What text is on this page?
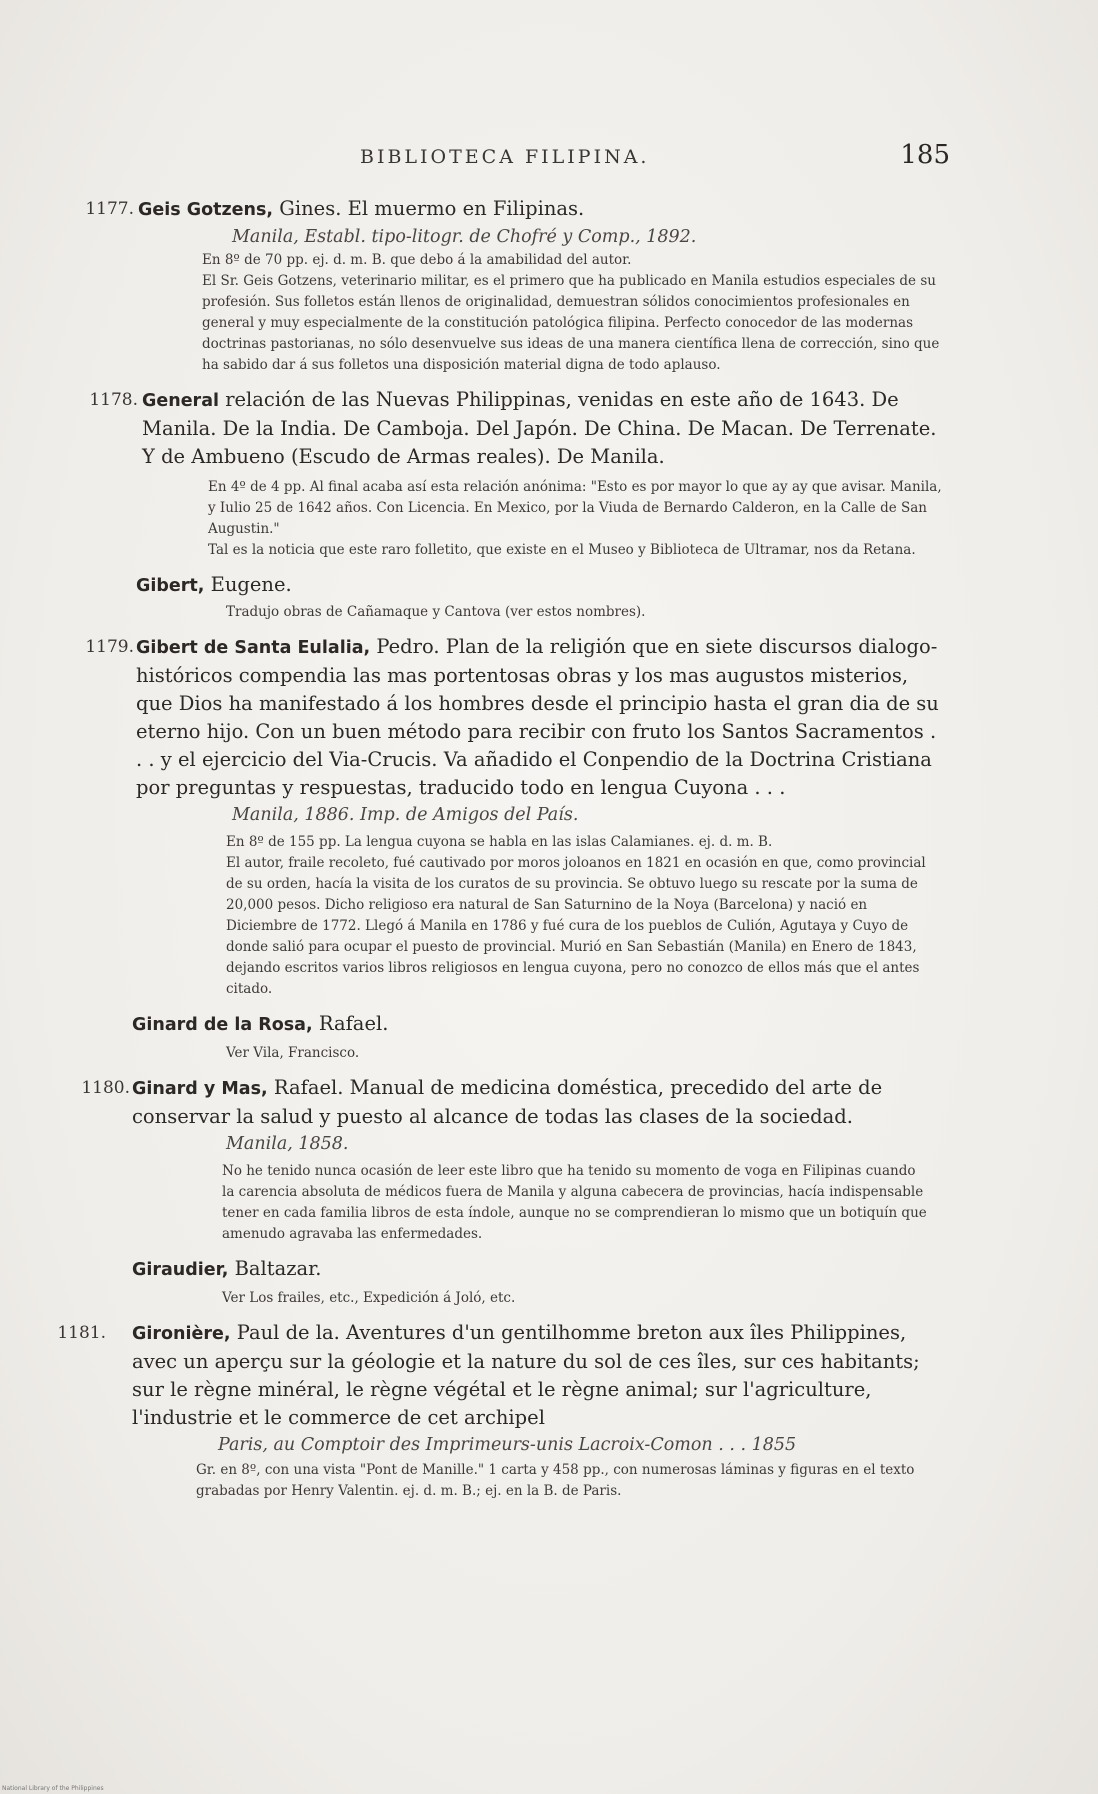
BIBLIOTECA FILIPINA.	185
1177. Geis Gotzens, Gines. El muermo en Filipinas.
Manila, Establ. tipo-litogr. de Chofré y Comp., 1892.

En 8º de 70 pp. ej. d. m. B. que debo á la amabilidad del autor.

El Sr. Geis Gotzens, veterinario militar, es el primero que ha publicado en Manila estudios especiales de su profesión. Sus folletos están llenos de originalidad, demuestran sólidos conocimientos profesionales en general y muy especialmente de la constitución patológica filipina. Perfecto conocedor de las modernas doctrinas pastorianas, no sólo desenvuelve sus ideas de una manera científica llena de corrección, sino que ha sabido dar á sus folletos una disposición material digna de todo aplauso.

1178. General relación de las Nuevas Philippinas, venidas en este año de 1643. De Manila. De la India. De Camboja. Del Japón. De China. De Macan. De Terrenate. Y de Ambueno (Escudo de Armas reales). De Manila.

En 4º de 4 pp. Al final acaba así esta relación anónima: "Esto es por mayor lo que ay ay que avisar. Manila, y Iulio 25 de 1642 años. Con Licencia. En Mexico, por la Viuda de Bernardo Calderon, en la Calle de San Augustin."

Tal es la noticia que este raro folletito, que existe en el Museo y Biblioteca de Ultramar, nos da Retana.

Gibert, Eugene.

Tradujo obras de Cañamaque y Cantova (ver estos nombres).

1179. Gibert de Santa Eulalia, Pedro. Plan de la religión que en siete discursos dialogo-históricos compendia las mas portentosas obras y los mas augustos misterios, que Dios ha manifestado á los hombres desde el principio hasta el gran dia de su eterno hijo. Con un buen método para recibir con fruto los Santos Sacramentos . . . y el ejercicio del Via-Crucis. Va añadido el Conpendio de la Doctrina Cristiana por preguntas y respuestas, traducido todo en lengua Cuyona . . .
Manila, 1886. Imp. de Amigos del País.

En 8º de 155 pp. La lengua cuyona se habla en las islas Calamianes. ej. d. m. B.

El autor, fraile recoleto, fué cautivado por moros joloanos en 1821 en ocasión en que, como provincial de su orden, hacía la visita de los curatos de su provincia. Se obtuvo luego su rescate por la suma de 20,000 pesos. Dicho religioso era natural de San Saturnino de la Noya (Barcelona) y nació en Diciembre de 1772. Llegó á Manila en 1786 y fué cura de los pueblos de Culión, Agutaya y Cuyo de donde salió para ocupar el puesto de provincial. Murió en San Sebastián (Manila) en Enero de 1843, dejando escritos varios libros religiosos en lengua cuyona, pero no conozco de ellos más que el antes citado.

Ginard de la Rosa, Rafael.

Ver Vila, Francisco.

1180. Ginard y Mas, Rafael. Manual de medicina doméstica, precedido del arte de conservar la salud y puesto al alcance de todas las clases de la sociedad.
Manila, 1858.

No he tenido nunca ocasión de leer este libro que ha tenido su momento de voga en Filipinas cuando la carencia absoluta de médicos fuera de Manila y alguna cabecera de provincias, hacía indispensable tener en cada familia libros de esta índole, aunque no se comprendieran lo mismo que un botiquín que amenudo agravaba las enfermedades.

Giraudier, Baltazar.

Ver Los frailes, etc., Expedición á Joló, etc.

1181. Gironière, Paul de la. Aventures d'un gentilhomme breton aux îles Philippines, avec un aperçu sur la géologie et la nature du sol de ces îles, sur ces habitants; sur le règne minéral, le règne végétal et le règne animal; sur l'agriculture, l'industrie et le commerce de cet archipel
Paris, au Comptoir des Imprimeurs-unis Lacroix-Comon . . . 1855

Gr. en 8º, con una vista "Pont de Manille." 1 carta y 458 pp., con numerosas láminas y figuras en el texto grabadas por Henry Valentin. ej. d. m. B.; ej. en la B. de Paris.

National Library of the Philippines
